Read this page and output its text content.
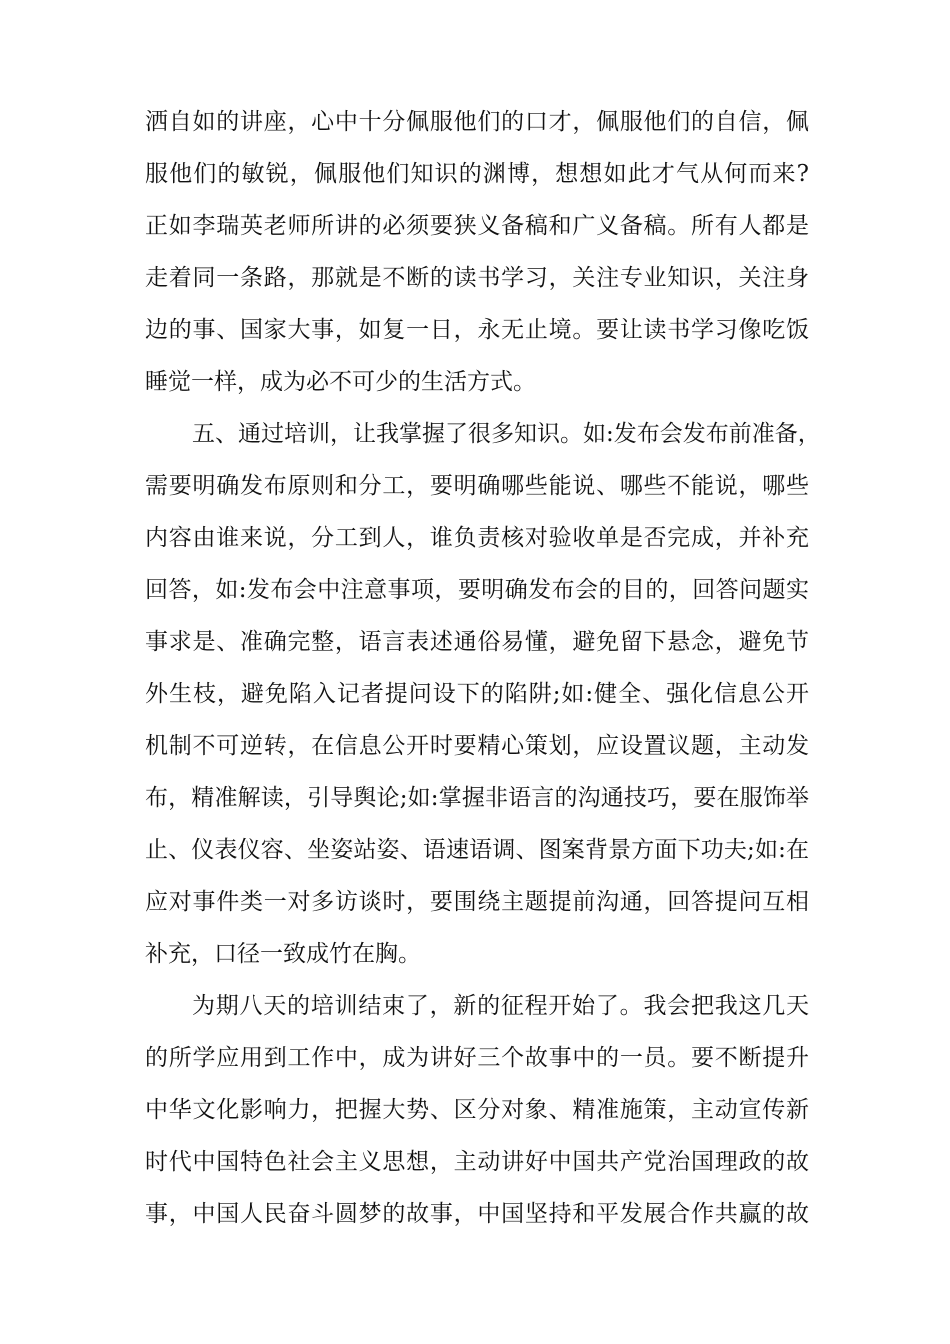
洒自如的讲座，心中十分佩服他们的口才，佩服他们的自信，佩
服他们的敏锐，佩服他们知识的渊博，想想如此才气从何而来?
正如李瑞英老师所讲的必须要狭义备稿和广义备稿。所有人都是
走着同一条路，那就是不断的读书学习，关注专业知识，关注身
边的事、国家大事，如复一日，永无止境。要让读书学习像吃饭
睡觉一样，成为必不可少的生活方式。
五、通过培训，让我掌握了很多知识。如:发布会发布前准备，
需要明确发布原则和分工，要明确哪些能说、哪些不能说，哪些
内容由谁来说，分工到人，谁负责核对验收单是否完成，并补充
回答，如:发布会中注意事项，要明确发布会的目的，回答问题实
事求是、准确完整，语言表述通俗易懂，避免留下悬念，避免节
外生枝，避免陷入记者提问设下的陷阱;如:健全、强化信息公开
机制不可逆转，在信息公开时要精心策划，应设置议题，主动发
布，精准解读，引导舆论;如:掌握非语言的沟通技巧，要在服饰举
止、仪表仪容、坐姿站姿、语速语调、图案背景方面下功夫;如:在
应对事件类一对多访谈时，要围绕主题提前沟通，回答提问互相
补充，口径一致成竹在胸。
为期八天的培训结束了，新的征程开始了。我会把我这几天
的所学应用到工作中，成为讲好三个故事中的一员。要不断提升
中华文化影响力，把握大势、区分对象、精准施策，主动宣传新
时代中国特色社会主义思想，主动讲好中国共产党治国理政的故
事，中国人民奋斗圆梦的故事，中国坚持和平发展合作共赢的故
